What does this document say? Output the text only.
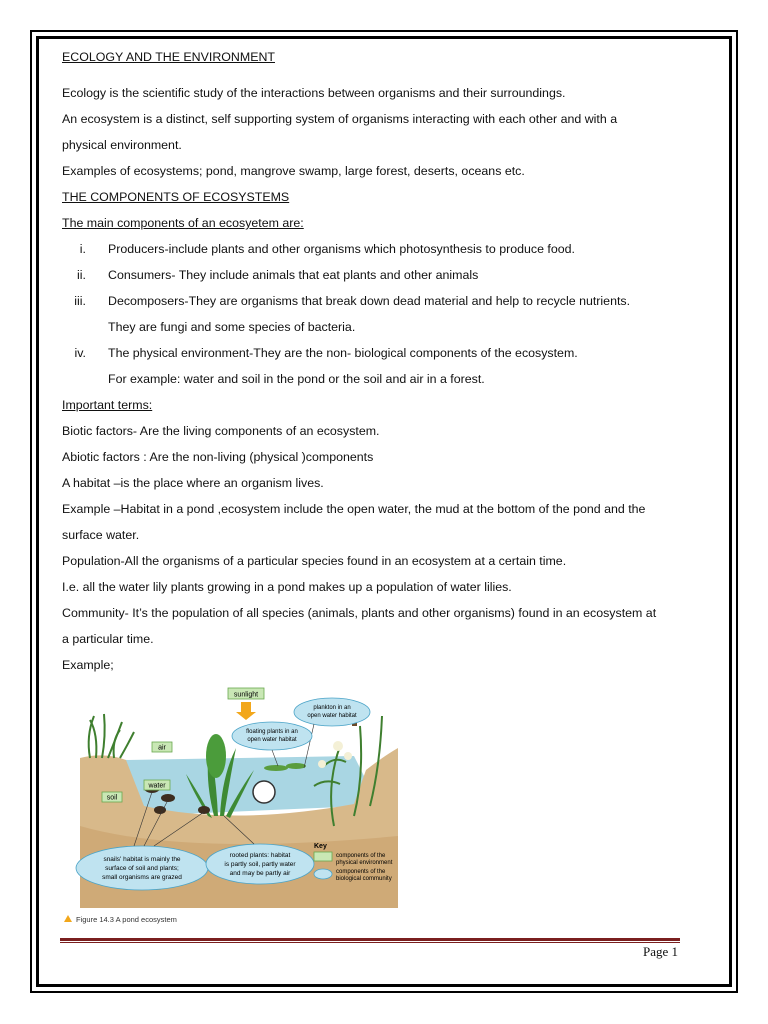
ECOLOGY AND THE ENVIRONMENT
Ecology is the scientific study of the interactions between organisms and their surroundings.
An ecosystem is a distinct, self supporting system of organisms interacting with each other and with a
physical environment.
Examples of ecosystems; pond, mangrove swamp, large forest, deserts, oceans etc.
THE COMPONENTS OF ECOSYSTEMS
The main components of an ecosyetem are:
i. Producers-include plants and other organisms which photosynthesis to produce food.
ii. Consumers- They include animals that eat plants and other animals
iii. Decomposers-They are organisms that break down dead material and help to recycle nutrients.
They are fungi and some species of bacteria.
iv. The physical environment-They are the non- biological components of the ecosystem.
For example: water and soil in the pond or the soil and air in a forest.
Important terms:
Biotic factors- Are the living components of an ecosystem.
Abiotic factors : Are the non-living (physical )components
A habitat –is the place where an organism lives.
Example –Habitat in a pond ,ecosystem include the open water, the mud at the bottom of the pond and the
surface water.
Population-All the organisms of a particular species found in an ecosystem at a certain time.
I.e. all the water lily plants growing in a pond makes up a population of water lilies.
Community- It’s the population of all species (animals, plants and other organisms) found in an ecosystem at
a particular time.
Example;
sunlight
air
water
soil
plankton in an
open water habitat
floating plants in an
open water habitat
snails' habitat is mainly the
surface of soil and plants;
small organisms are grazed
rooted plants: habitat
is partly soil, partly water
and may be partly air
Key
components of the
physical environment
components of the
biological community
Figure 14.3 A pond ecosystem
Page 1
